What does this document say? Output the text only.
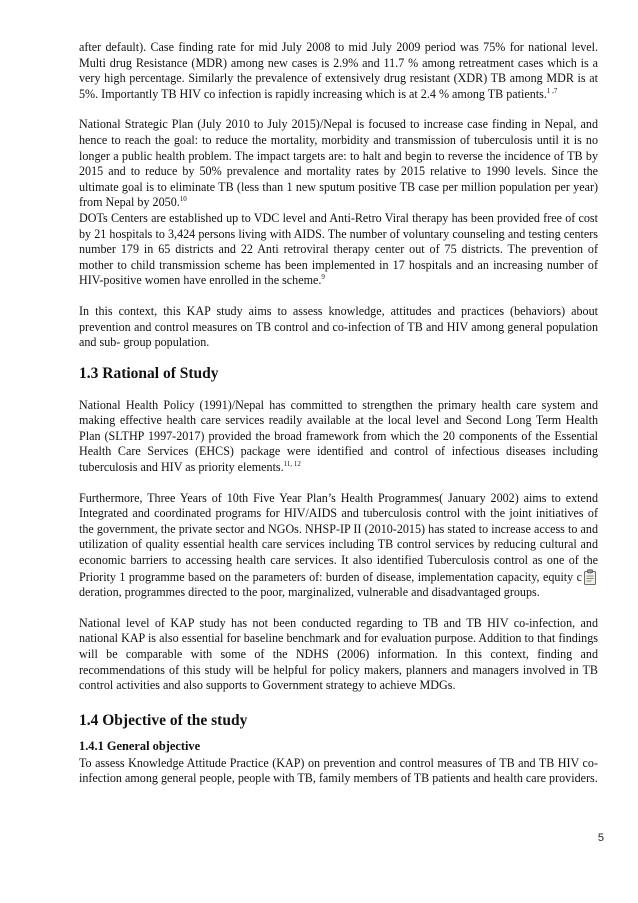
after default). Case finding rate for mid July 2008 to mid July 2009 period was 75% for national level. Multi drug Resistance (MDR) among new cases is 2.9% and 11.7 % among retreatment cases which is a very high percentage. Similarly the prevalence of extensively drug resistant (XDR) TB among MDR is at 5%. Importantly TB HIV co infection is rapidly increasing which is at 2.4 % among TB patients.$^{1 ,7}$

National Strategic Plan (July 2010 to July 2015)/Nepal is focused to increase case finding in Nepal, and hence to reach the goal: to reduce the mortality, morbidity and transmission of tuberculosis until it is no longer a public health problem. The impact targets are: to halt and begin to reverse the incidence of TB by 2015 and to reduce by 50% prevalence and mortality rates by 2015 relative to 1990 levels. Since the ultimate goal is to eliminate TB (less than 1 new sputum positive TB case per million population per year) from Nepal by 2050.10

DOTs Centers are established up to VDC level and Anti-Retro Viral therapy has been provided free of cost by 21 hospitals to 3,424 persons living with AIDS. The number of voluntary counseling and testing centers number 179 in 65 districts and 22 Anti retroviral therapy center out of 75 districts. The prevention of mother to child transmission scheme has been implemented in 17 hospitals and an increasing number of HIV-positive women have enrolled in the scheme.$^9$

In this context, this KAP study aims to assess knowledge, attitudes and practices (behaviors) about prevention and control measures on TB control and co-infection of TB and HIV among general population and sub- group population.

1.3 Rational of Study

National Health Policy (1991)/Nepal has committed to strengthen the primary health care system and making effective health care services readily available at the local level and Second Long Term Health Plan (SLTHP 1997-2017) provided the broad framework from which the 20 components of the Essential Health Care Services (EHCS) package were identified and control of infectious diseases including tuberculosis and HIV as priority elements.$^{11, 12}$

Furthermore, Three Years of 10th Five Year Plan’s Health Programmes( January 2002) aims to extend Integrated and coordinated programs for HIV/AIDS and tuberculosis control with the joint initiatives of the government, the private sector and NGOs. NHSP-IP II (2010-2015) has stated to increase access to and utilization of quality essential health care services including TB control services by reducing cultural and economic barriers to accessing health care services. It also identified Tuberculosis control as one of the Priority 1 programme based on the parameters of: burden of disease, implementation capacity, equity cderation, programmes directed to the poor, marginalized, vulnerable and disadvantaged groups.

National level of KAP study has not been conducted regarding to TB and TB HIV co-infection, and national KAP is also essential for baseline benchmark and for evaluation purpose. Addition to that findings will be comparable with some of the NDHS (2006) information. In this context, finding and recommendations of this study will be helpful for policy makers, planners and managers involved in TB control activities and also supports to Government strategy to achieve MDGs.

1.4 Objective of the study
1.4.1 General objective

To assess Knowledge Attitude Practice (KAP) on prevention and control measures of TB and TB HIV co-infection among general people, people with TB, family members of TB patients and health care providers.

5
